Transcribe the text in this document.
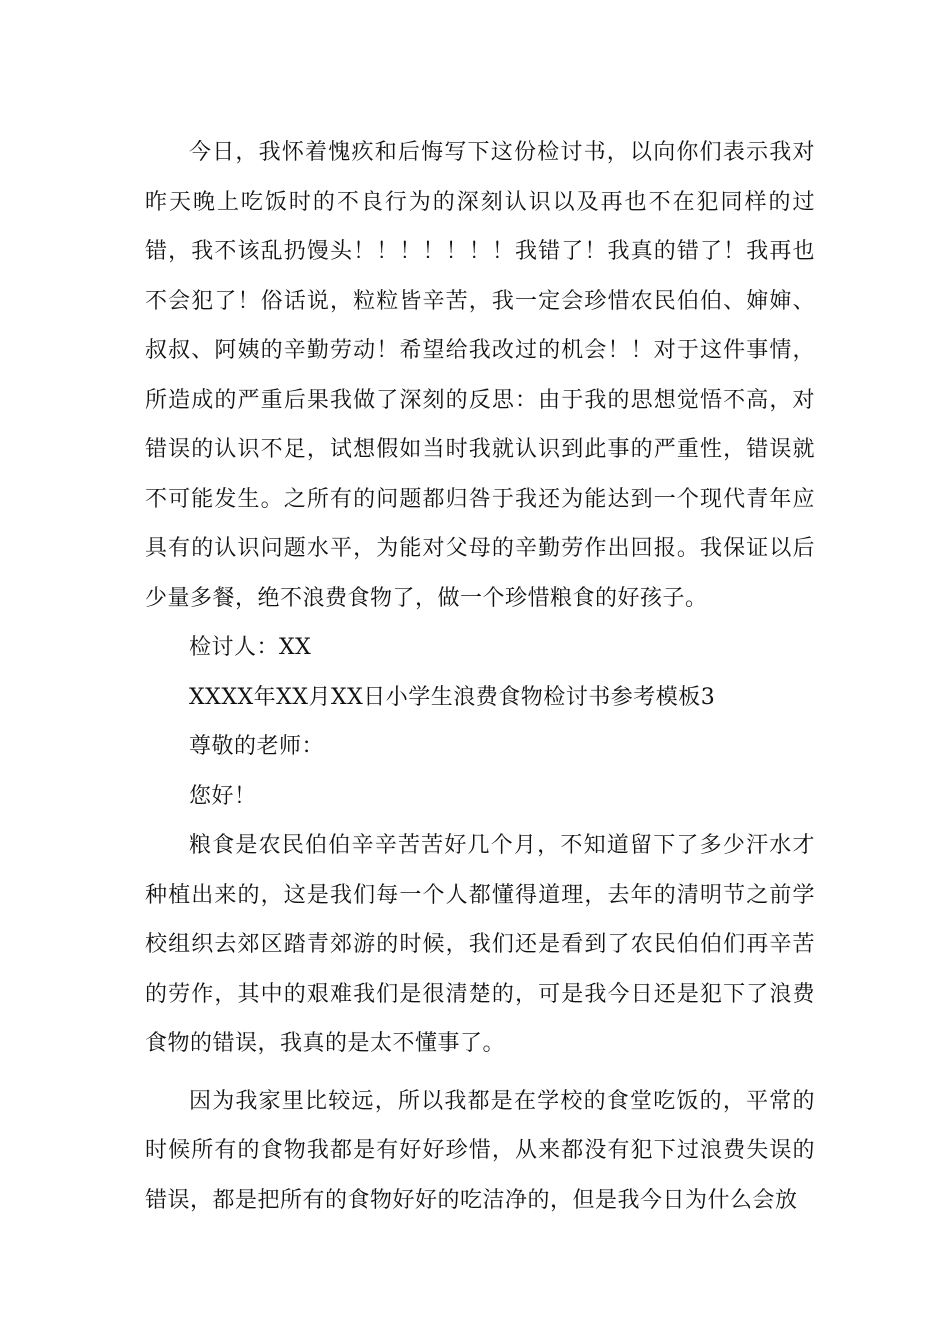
今日，我怀着愧疚和后悔写下这份检讨书，以向你们表示我对昨天晚上吃饭时的不良行为的深刻认识以及再也不在犯同样的过错，我不该乱扔馒头！！！！！！！我错了！我真的错了！我再也不会犯了！俗话说，粒粒皆辛苦，我一定会珍惜农民伯伯、婶婶、叔叔、阿姨的辛勤劳动！希望给我改过的机会！！对于这件事情，所造成的严重后果我做了深刻的反思：由于我的思想觉悟不高，对错误的认识不足，试想假如当时我就认识到此事的严重性，错误就不可能发生。之所有的问题都归咎于我还为能达到一个现代青年应具有的认识问题水平，为能对父母的辛勤劳作出回报。我保证以后少量多餐，绝不浪费食物了，做一个珍惜粮食的好孩子。

检讨人：XX

XXXX年XX月XX日小学生浪费食物检讨书参考模板3

尊敬的老师：

您好！

粮食是农民伯伯辛辛苦苦好几个月，不知道留下了多少汗水才种植出来的，这是我们每一个人都懂得道理，去年的清明节之前学校组织去郊区踏青郊游的时候，我们还是看到了农民伯伯们再辛苦的劳作，其中的艰难我们是很清楚的，可是我今日还是犯下了浪费食物的错误，我真的是太不懂事了。

因为我家里比较远，所以我都是在学校的食堂吃饭的，平常的时候所有的食物我都是有好好珍惜，从来都没有犯下过浪费失误的错误，都是把所有的食物好好的吃洁净的，但是我今日为什么会放
